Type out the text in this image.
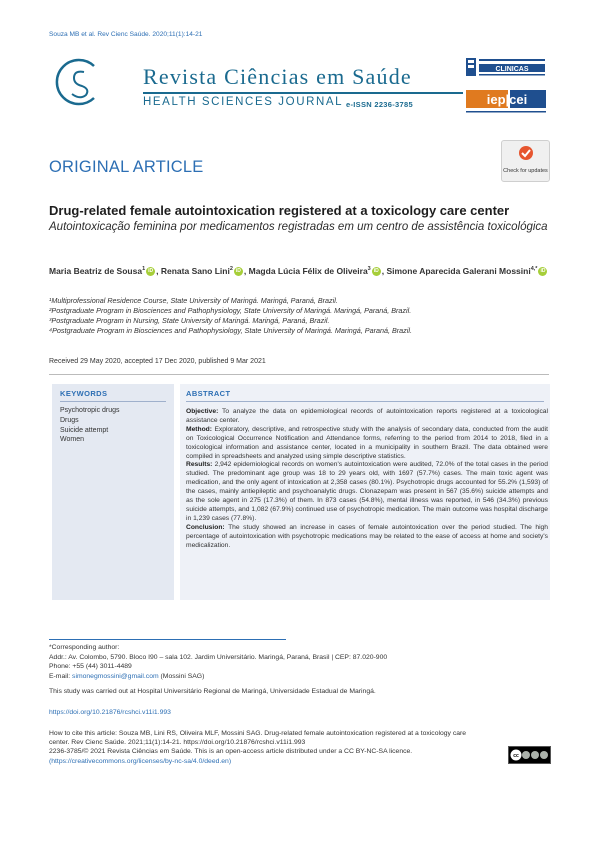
Souza MB et al. Rev Cienc Saúde. 2020;11(1):14-21
Revista Ciências em Saúde
HEALTH SCIENCES JOURNAL e-ISSN 2236-3785
CLINICAS
iep|cei
Check for updates
ORIGINAL ARTICLE
Drug-related female autointoxication registered at a toxicology care center
Autointoxicação feminina por medicamentos registradas em um centro de assistência toxicológica
Maria Beatriz de Sousa$^1$ iD , Renata Sano Lini$^2$ iD , Magda Lúcia Félix de Oliveira$^3$ iD , Simone Aparecida Galerani Mossini$^{4,*}$ iD
¹Multiprofessional Residence Course, State University of Maringá. Maringá, Paraná, Brazil.
²Postgraduate Program in Biosciences and Pathophysiology, State University of Maringá. Maringá, Paraná, Brazil.
³Postgraduate Program in Nursing, State University of Maringá. Maringá, Paraná, Brazil.
⁴Postgraduate Program in Biosciences and Pathophysiology, State University of Maringá. Maringá, Paraná, Brazil.
Received 29 May 2020, accepted 17 Dec 2020, published 9 Mar 2021
KEYWORDS
Psychotropic drugs
Drugs
Suicide attempt
Women
ABSTRACT

Objective: To analyze the data on epidemiological records of autointoxication reports registered at a toxicological assistance center.

Method: Exploratory, descriptive, and retrospective study with the analysis of secondary data, conducted from the audit on Toxicological Occurrence Notification and Attendance forms, referring to the period from 2014 to 2018, filed in a toxicological information and assistance center, located in a municipality in southern Brazil. The data obtained were compiled in spreadsheets and analyzed using simple descriptive statistics.

Results: 2,942 epidemiological records on women's autointoxication were audited, 72.0% of the total cases in the period studied. The predominant age group was 18 to 29 years old, with 1697 (57.7%) cases. The main toxic agent was medication, and the only agent of intoxication at 2,358 cases (80.1%). Psychotropic drugs accounted for 55.2% (1,593) of the cases, mainly antiepileptic and psychoanalytic drugs. Clonazepam was present in 567 (35.6%) suicide attempts and as the sole agent in 275 (17.3%) of them. In 873 cases (54.8%), mental illness was reported, in 546 (34.3%) previous suicide attempts, and 1,082 (67.9%) continued use of psychotropic medication. The main outcome was hospital discharge in 1,239 cases (77.8%).

Conclusion: The study showed an increase in cases of female autointoxication over the period studied. The high percentage of autointoxication with psychotropic medications may be related to the ease of access at home and society's medicalization.

*Corresponding author:
Addr.: Av. Colombo, 5790. Bloco I90 – sala 102. Jardim Universitário. Maringá, Paraná, Brasil | CEP: 87.020-900
Phone: +55 (44) 3011-4489
E-mail: simonegmossini@gmail.com (Mossini SAG)
This study was carried out at Hospital Universitário Regional de Maringá, Universidade Estadual de Maringá.
https://doi.org/10.21876/rcshci.v11i1.993
How to cite this article: Souza MB, Lini RS, Oliveira MLF, Mossini SAG. Drug-related female autointoxication registered at a toxicology care center. Rev Cienc Saúde. 2021;11(1):14-21. https://doi.org/10.21876/rcshci.v11i1.993
2236-3785/© 2021 Revista Ciências em Saúde. This is an open-access article distributed under a CC BY-NC-SA licence.
(https://creativecommons.org/licenses/by-nc-sa/4.0/deed.en)
cc
